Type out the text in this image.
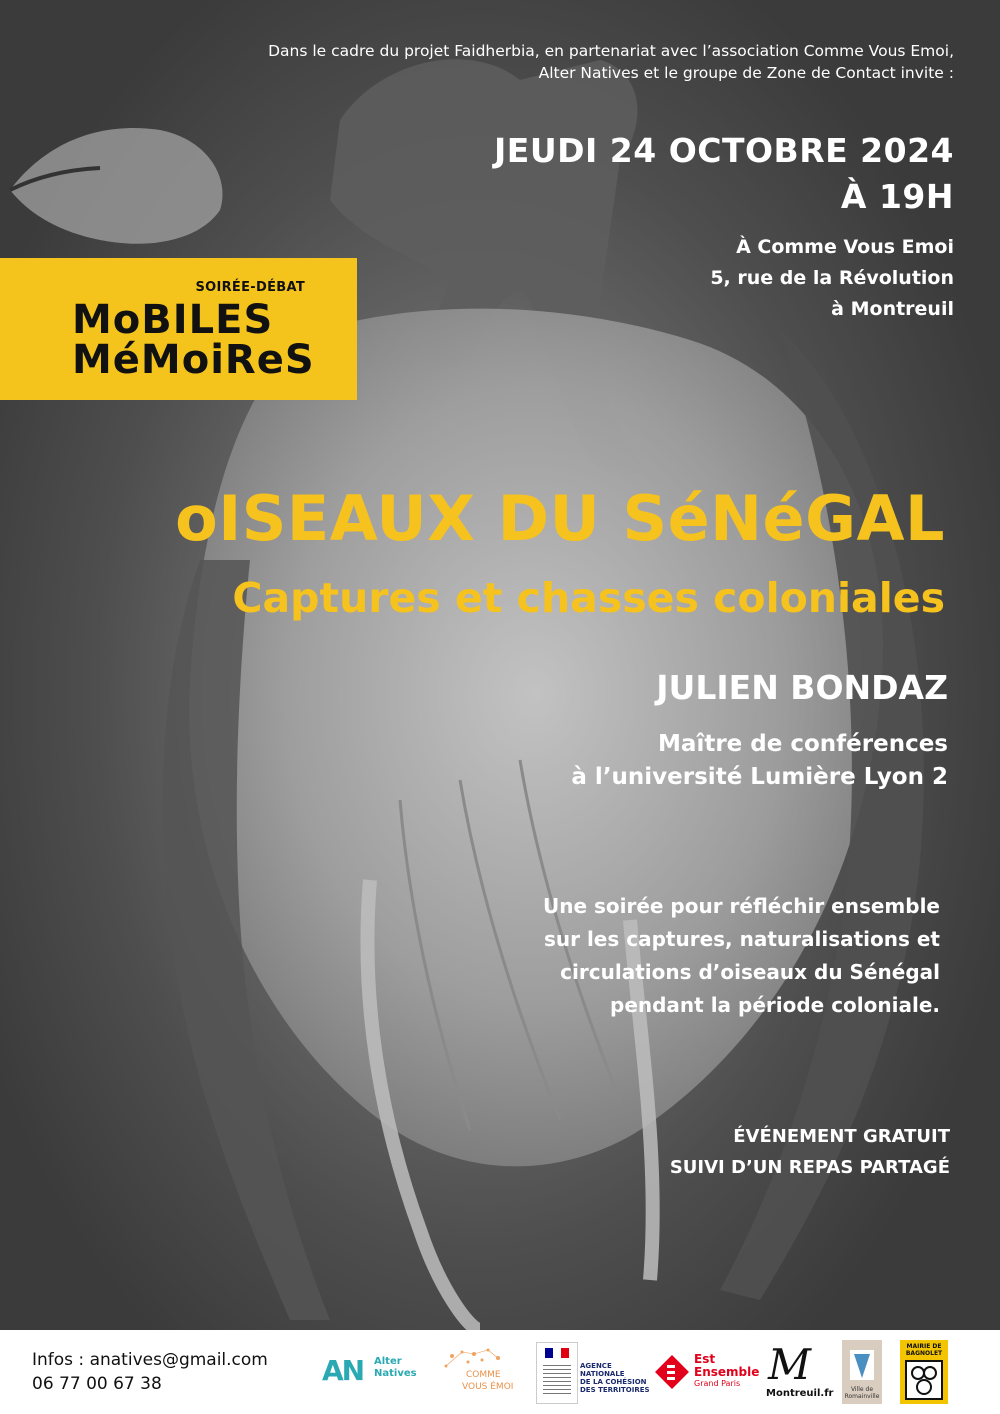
Dans le cadre du projet Faidherbia, en partenariat avec l’association Comme Vous Emoi,
Alter Natives et le groupe de Zone de Contact invite :
JEUDI 24 OCTOBRE 2024
À 19H
À Comme Vous Emoi
5, rue de la Révolution
à Montreuil
SOIRÉE-DÉBAT
MoBILES
MéMoiReS
oISEAUX DU SéNéGAL
Captures et chasses coloniales
JULIEN BONDAZ
Maître de conférences
à l’université Lumière Lyon 2
Une soirée pour réfléchir ensemble
sur les captures, naturalisations et
circulations d’oiseaux du Sénégal
pendant la période coloniale.
ÉVÉNEMENT GRATUIT
SUIVI D’UN REPAS PARTAGÉ
Infos : anatives@gmail.com
06 77 00 67 38	AN Alter
Natives	COMME
VOUS ÉMOI
AGENCE
NATIONALE
DE LA COHÉSION
DES TERRITOIRES
Est
Ensemble
Grand Paris M
Montreuil.fr	Ville de Romainville
MAIRIE DE
BAGNOLET
